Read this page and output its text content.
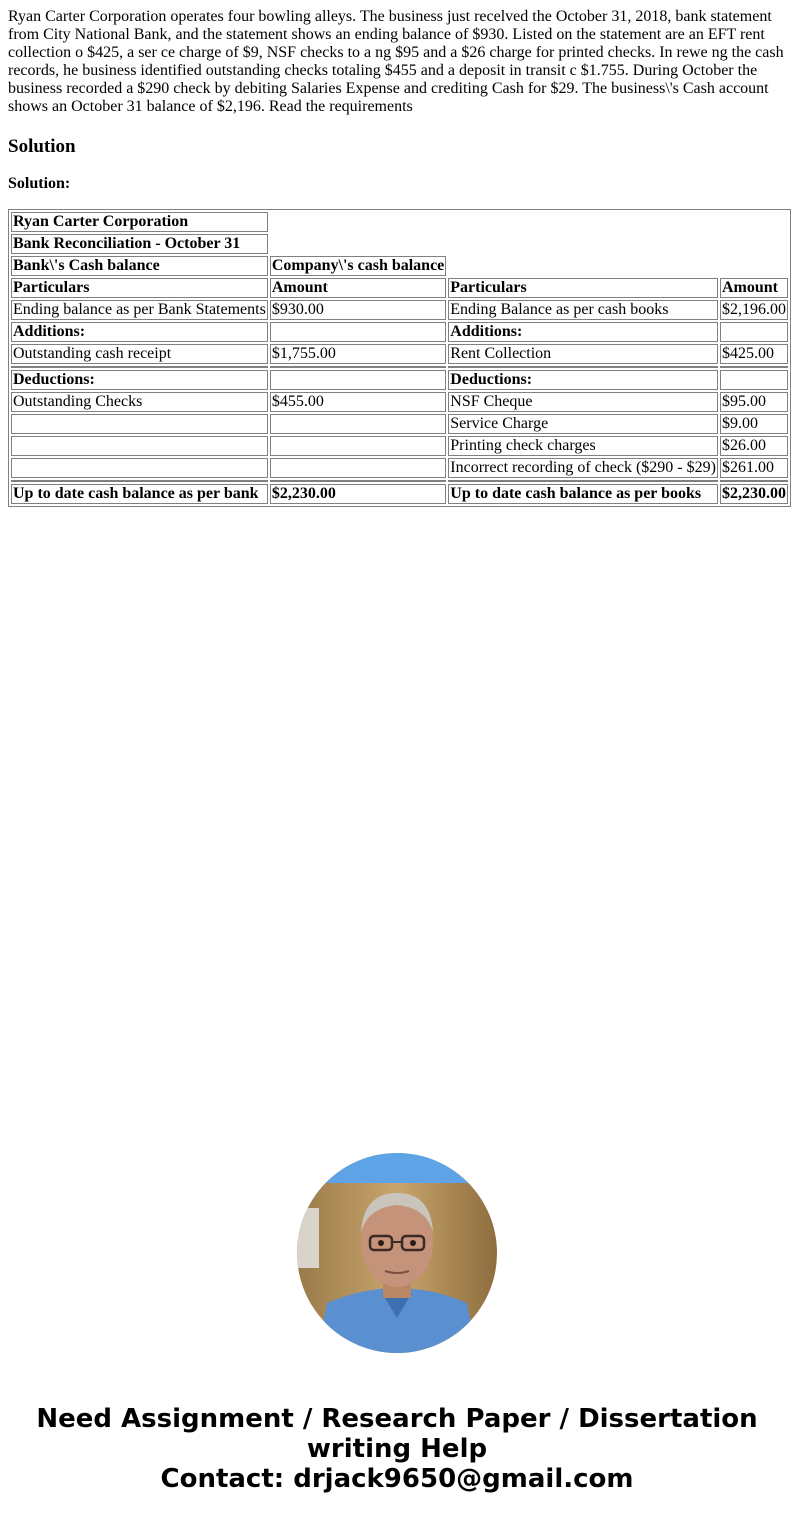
Ryan Carter Corporation operates four bowling alleys. The business just recelved the October 31, 2018, bank statement from City National Bank, and the statement shows an ending balance of $930. Listed on the statement are an EFT rent collection o $425, a ser ce charge of $9, NSF checks to a ng $95 and a $26 charge for printed checks. In rewe ng the cash records, he business identified outstanding checks totaling $455 and a deposit in transit c $1.755. During October the business recorded a $290 check by debiting Salaries Expense and crediting Cash for $29. The business\'s Cash account shows an October 31 balance of $2,196. Read the requirements

Solution

Solution:

Ryan Carter Corporation			
Bank Reconciliation - October 31			
Bank\'s Cash balance	Company\'s cash balance		
Particulars	Amount	Particulars	Amount
Ending balance as per Bank Statements	$930.00	Ending Balance as per cash books	$2,196.00
Additions:		Additions:	
Outstanding cash receipt	$1,755.00	Rent Collection	$425.00

Deductions:		Deductions:	
Outstanding Checks	$455.00	NSF Cheque	$95.00
		Service Charge	$9.00
		Printing check charges	$26.00
		Incorrect recording of check ($290 - $29)	$261.00

Up to date cash balance as per bank	$2,230.00	Up to date cash balance as per books	$2,230.00
Need Assignment / Research Paper / Dissertation
writing Help
Contact: drjack9650@gmail.com
